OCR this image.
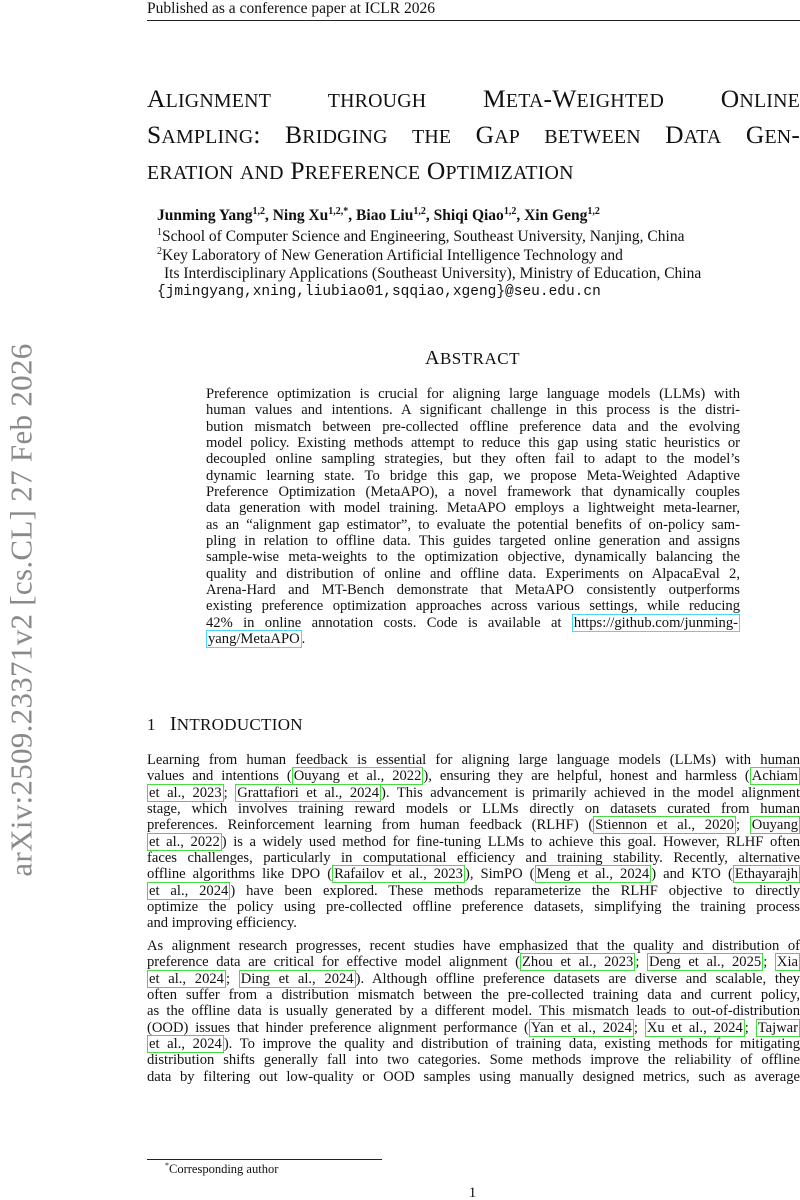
Published as a conference paper at ICLR 2026
arXiv:2509.23371v2 [cs.CL] 27 Feb 2026
ALIGNMENT	THROUGH META-WEIGHTED ONLINE
SAMPLING: BRIDGING THE GAP BETWEEN DATA GEN-
ERATION AND PREFERENCE OPTIMIZATION
Junming Yang$^{1,2}$, Ning $Xu^{1,2,*}$, Biao Liu$^{1,2}$, Shiqi Qiao$^{1,2}$, Xin Geng$^{1,2}$
$^1$School of Computer Science and Engineering, Southeast University, Nanjing, China
$^2$Key Laboratory of New Generation Artificial Intelligence Technology and
Its Interdisciplinary Applications (Southeast University), Ministry of Education, China
{jmingyang,xning,liubiao01,sqqiao,xgeng}@seu.edu.cn
ABSTRACT
Preference optimization is crucial for aligning large language models (LLMs) with
human values and intentions. A significant challenge in this process is the distri-
bution mismatch between pre-collected offline preference data and the evolving
model policy. Existing methods attempt to reduce this gap using static heuristics or
decoupled online sampling strategies, but they often fail to adapt to the model’s
dynamic learning state. To bridge this gap, we propose Meta-Weighted Adaptive
Preference Optimization (MetaAPO), a novel framework that dynamically couples
data generation with model training. MetaAPO employs a lightweight meta-learner,
as an “alignment gap estimator”, to evaluate the potential benefits of on-policy sam-
pling in relation to offline data. This guides targeted online generation and assigns
sample-wise meta-weights to the optimization objective, dynamically balancing the
quality and distribution of online and offline data. Experiments on AlpacaEval 2,
Arena-Hard and MT-Bench demonstrate that MetaAPO consistently outperforms
existing preference optimization approaches across various settings, while reducing
42% in online annotation costs. Code is available at https://github.com/junming-
yang/MetaAPO .
1 INTRODUCTION
Learning from human feedback is essential for aligning large language models (LLMs) with human
values and intentions ( Ouyang et al., 2022 ), ensuring they are helpful, honest and harmless ( Achiam
et al., 2023 ; Grattafiori et al., 2024 ). This advancement is primarily achieved in the model alignment
stage, which involves training reward models or LLMs directly on datasets curated from human
preferences. Reinforcement learning from human feedback (RLHF) ( Stiennon et al., 2020 ; Ouyang
et al., 2022 ) is a widely used method for fine-tuning LLMs to achieve this goal. However, RLHF often
faces challenges, particularly in computational efficiency and training stability. Recently, alternative
offline algorithms like DPO ( Rafailov et al., 2023 ), SimPO ( Meng et al., 2024 ) and KTO ( Ethayarajh
et al., 2024 ) have been explored. These methods reparameterize the RLHF objective to directly
optimize the policy using pre-collected offline preference datasets, simplifying the training process
and improving efficiency.
As alignment research progresses, recent studies have emphasized that the quality and distribution of
preference data are critical for effective model alignment ( Zhou et al., 2023 ; Deng et al., 2025 ; Xia
et al., 2024 ; Ding et al., 2024 ). Although offline preference datasets are diverse and scalable, they
often suffer from a distribution mismatch between the pre-collected training data and current policy,
as the offline data is usually generated by a different model. This mismatch leads to out-of-distribution
(OOD) issues that hinder preference alignment performance ( Yan et al., 2024 ; Xu et al., 2024 ; Tajwar
et al., 2024 ). To improve the quality and distribution of training data, existing methods for mitigating
distribution shifts generally fall into two categories. Some methods improve the reliability of offline
data by filtering out low-quality or OOD samples using manually designed metrics, such as average
*Corresponding author
1
